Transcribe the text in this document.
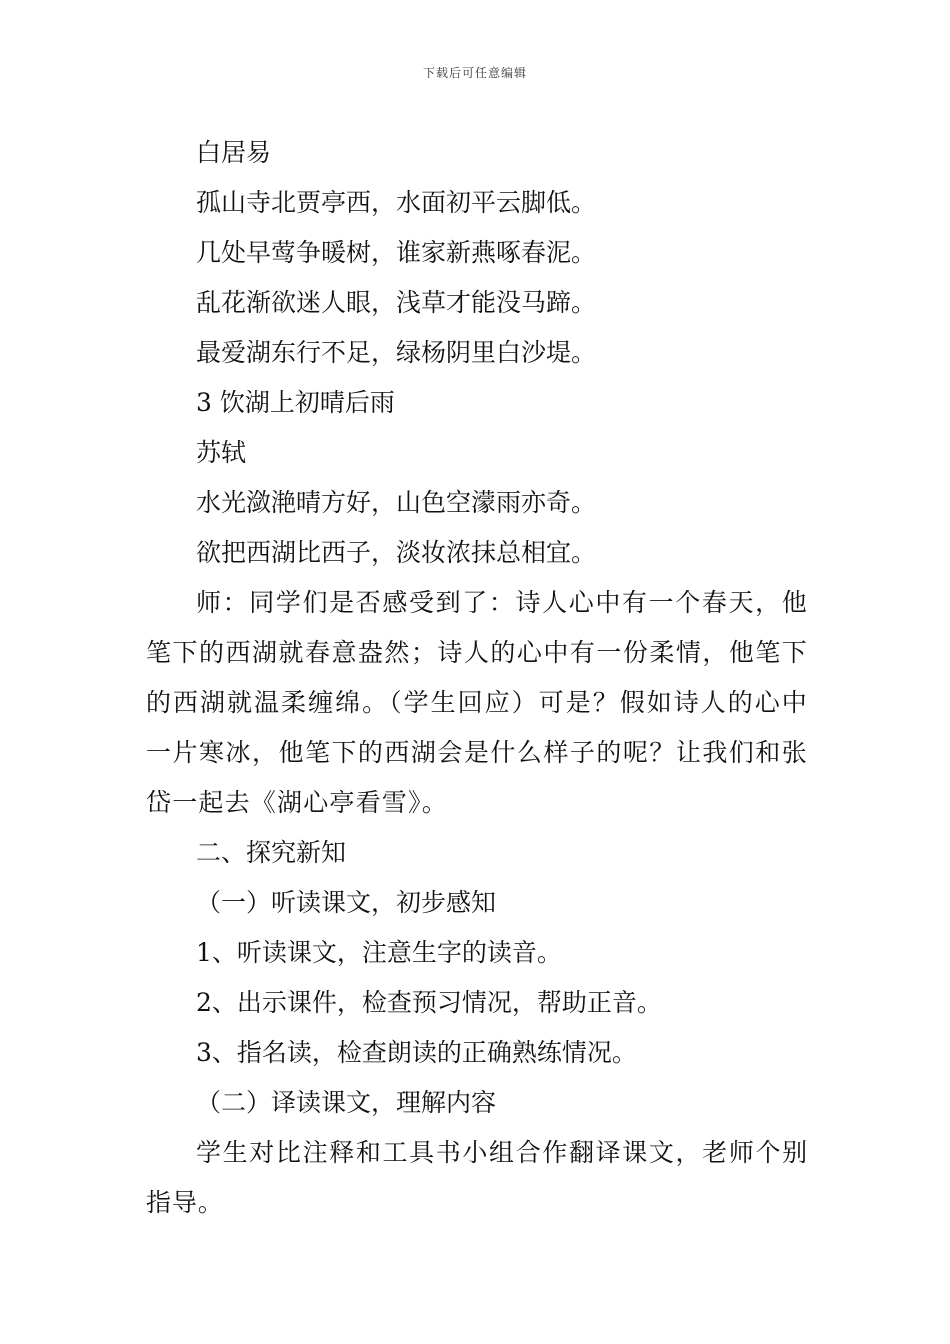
下载后可任意编辑
白居易
孤山寺北贾亭西，水面初平云脚低。
几处早莺争暖树，谁家新燕啄春泥。
乱花渐欲迷人眼，浅草才能没马蹄。
最爱湖东行不足，绿杨阴里白沙堤。
3 饮湖上初晴后雨
苏轼
水光潋滟晴方好，山色空濛雨亦奇。
欲把西湖比西子，淡妆浓抹总相宜。
师：同学们是否感受到了：诗人心中有一个春天，他笔下的西湖就春意盎然；诗人的心中有一份柔情，他笔下的西湖就温柔缠绵。（学生回应）可是？假如诗人的心中一片寒冰，他笔下的西湖会是什么样子的呢？让我们和张岱一起去《湖心亭看雪》。
二、探究新知
（一）听读课文，初步感知
1、听读课文，注意生字的读音。
2、出示课件，检查预习情况，帮助正音。
3、指名读，检查朗读的正确熟练情况。
（二）译读课文，理解内容
学生对比注释和工具书小组合作翻译课文，老师个别指导。
